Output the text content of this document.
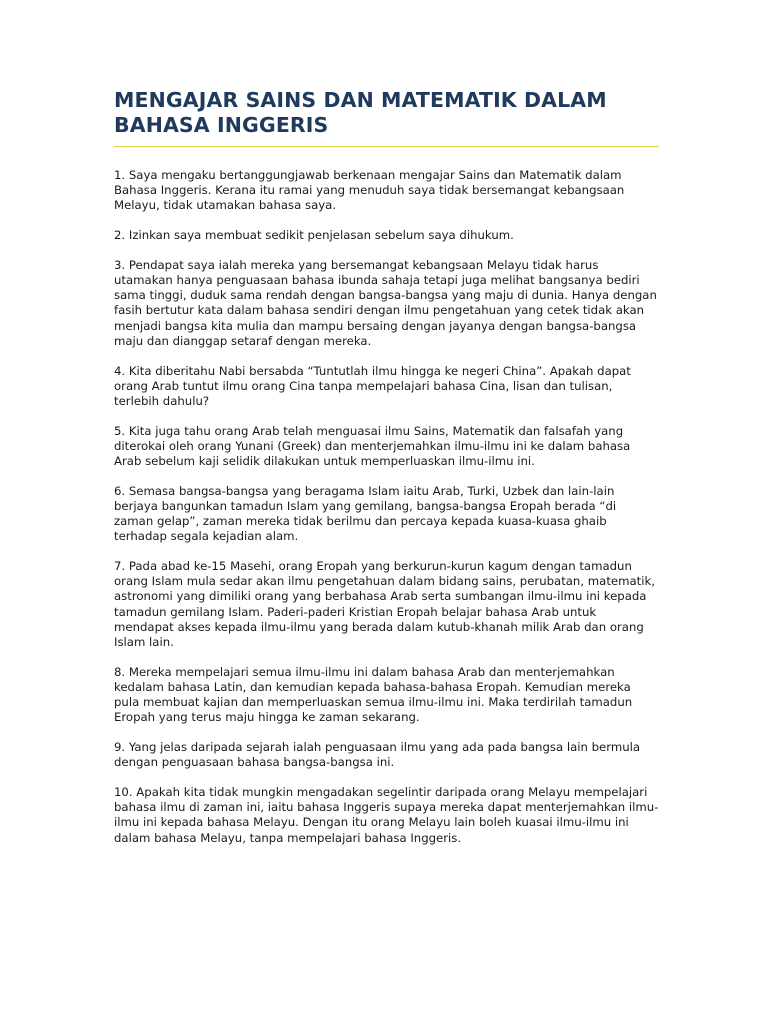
MENGAJAR SAINS DAN MATEMATIK DALAM BAHASA INGGERIS

1. Saya mengaku bertanggungjawab berkenaan mengajar Sains dan Matematik dalam Bahasa Inggeris. Kerana itu ramai yang menuduh saya tidak bersemangat kebangsaan Melayu, tidak utamakan bahasa saya.

2. Izinkan saya membuat sedikit penjelasan sebelum saya dihukum.

3. Pendapat saya ialah mereka yang bersemangat kebangsaan Melayu tidak harus utamakan hanya penguasaan bahasa ibunda sahaja tetapi juga melihat bangsanya bediri sama tinggi, duduk sama rendah dengan bangsa-bangsa yang maju di dunia. Hanya dengan fasih bertutur kata dalam bahasa sendiri dengan ilmu pengetahuan yang cetek tidak akan menjadi bangsa kita mulia dan mampu bersaing dengan jayanya dengan bangsa-bangsa maju dan dianggap setaraf dengan mereka.

4. Kita diberitahu Nabi bersabda “Tuntutlah ilmu hingga ke negeri China”. Apakah dapat orang Arab tuntut ilmu orang Cina tanpa mempelajari bahasa Cina, lisan dan tulisan, terlebih dahulu?

5. Kita juga tahu orang Arab telah menguasai ilmu Sains, Matematik dan falsafah yang diterokai oleh orang Yunani (Greek) dan menterjemahkan ilmu-ilmu ini ke dalam bahasa Arab sebelum kaji selidik dilakukan untuk memperluaskan ilmu-ilmu ini.

6. Semasa bangsa-bangsa yang beragama Islam iaitu Arab, Turki, Uzbek dan lain-lain berjaya bangunkan tamadun Islam yang gemilang, bangsa-bangsa Eropah berada “di zaman gelap”, zaman mereka tidak berilmu dan percaya kepada kuasa-kuasa ghaib terhadap segala kejadian alam.

7. Pada abad ke-15 Masehi, orang Eropah yang berkurun-kurun kagum dengan tamadun orang Islam mula sedar akan ilmu pengetahuan dalam bidang sains, perubatan, matematik, astronomi yang dimiliki orang yang berbahasa Arab serta sumbangan ilmu-ilmu ini kepada tamadun gemilang Islam. Paderi-paderi Kristian Eropah belajar bahasa Arab untuk mendapat akses kepada ilmu-ilmu yang berada dalam kutub-khanah milik Arab dan orang Islam lain.

8. Mereka mempelajari semua ilmu-ilmu ini dalam bahasa Arab dan menterjemahkan kedalam bahasa Latin, dan kemudian kepada bahasa-bahasa Eropah. Kemudian mereka pula membuat kajian dan memperluaskan semua ilmu-ilmu ini. Maka terdirilah tamadun Eropah yang terus maju hingga ke zaman sekarang.

9. Yang jelas daripada sejarah ialah penguasaan ilmu yang ada pada bangsa lain bermula dengan penguasaan bahasa bangsa-bangsa ini.

10. Apakah kita tidak mungkin mengadakan segelintir daripada orang Melayu mempelajari bahasa ilmu di zaman ini, iaitu bahasa Inggeris supaya mereka dapat menterjemahkan ilmu-ilmu ini kepada bahasa Melayu. Dengan itu orang Melayu lain boleh kuasai ilmu-ilmu ini dalam bahasa Melayu, tanpa mempelajari bahasa Inggeris.
